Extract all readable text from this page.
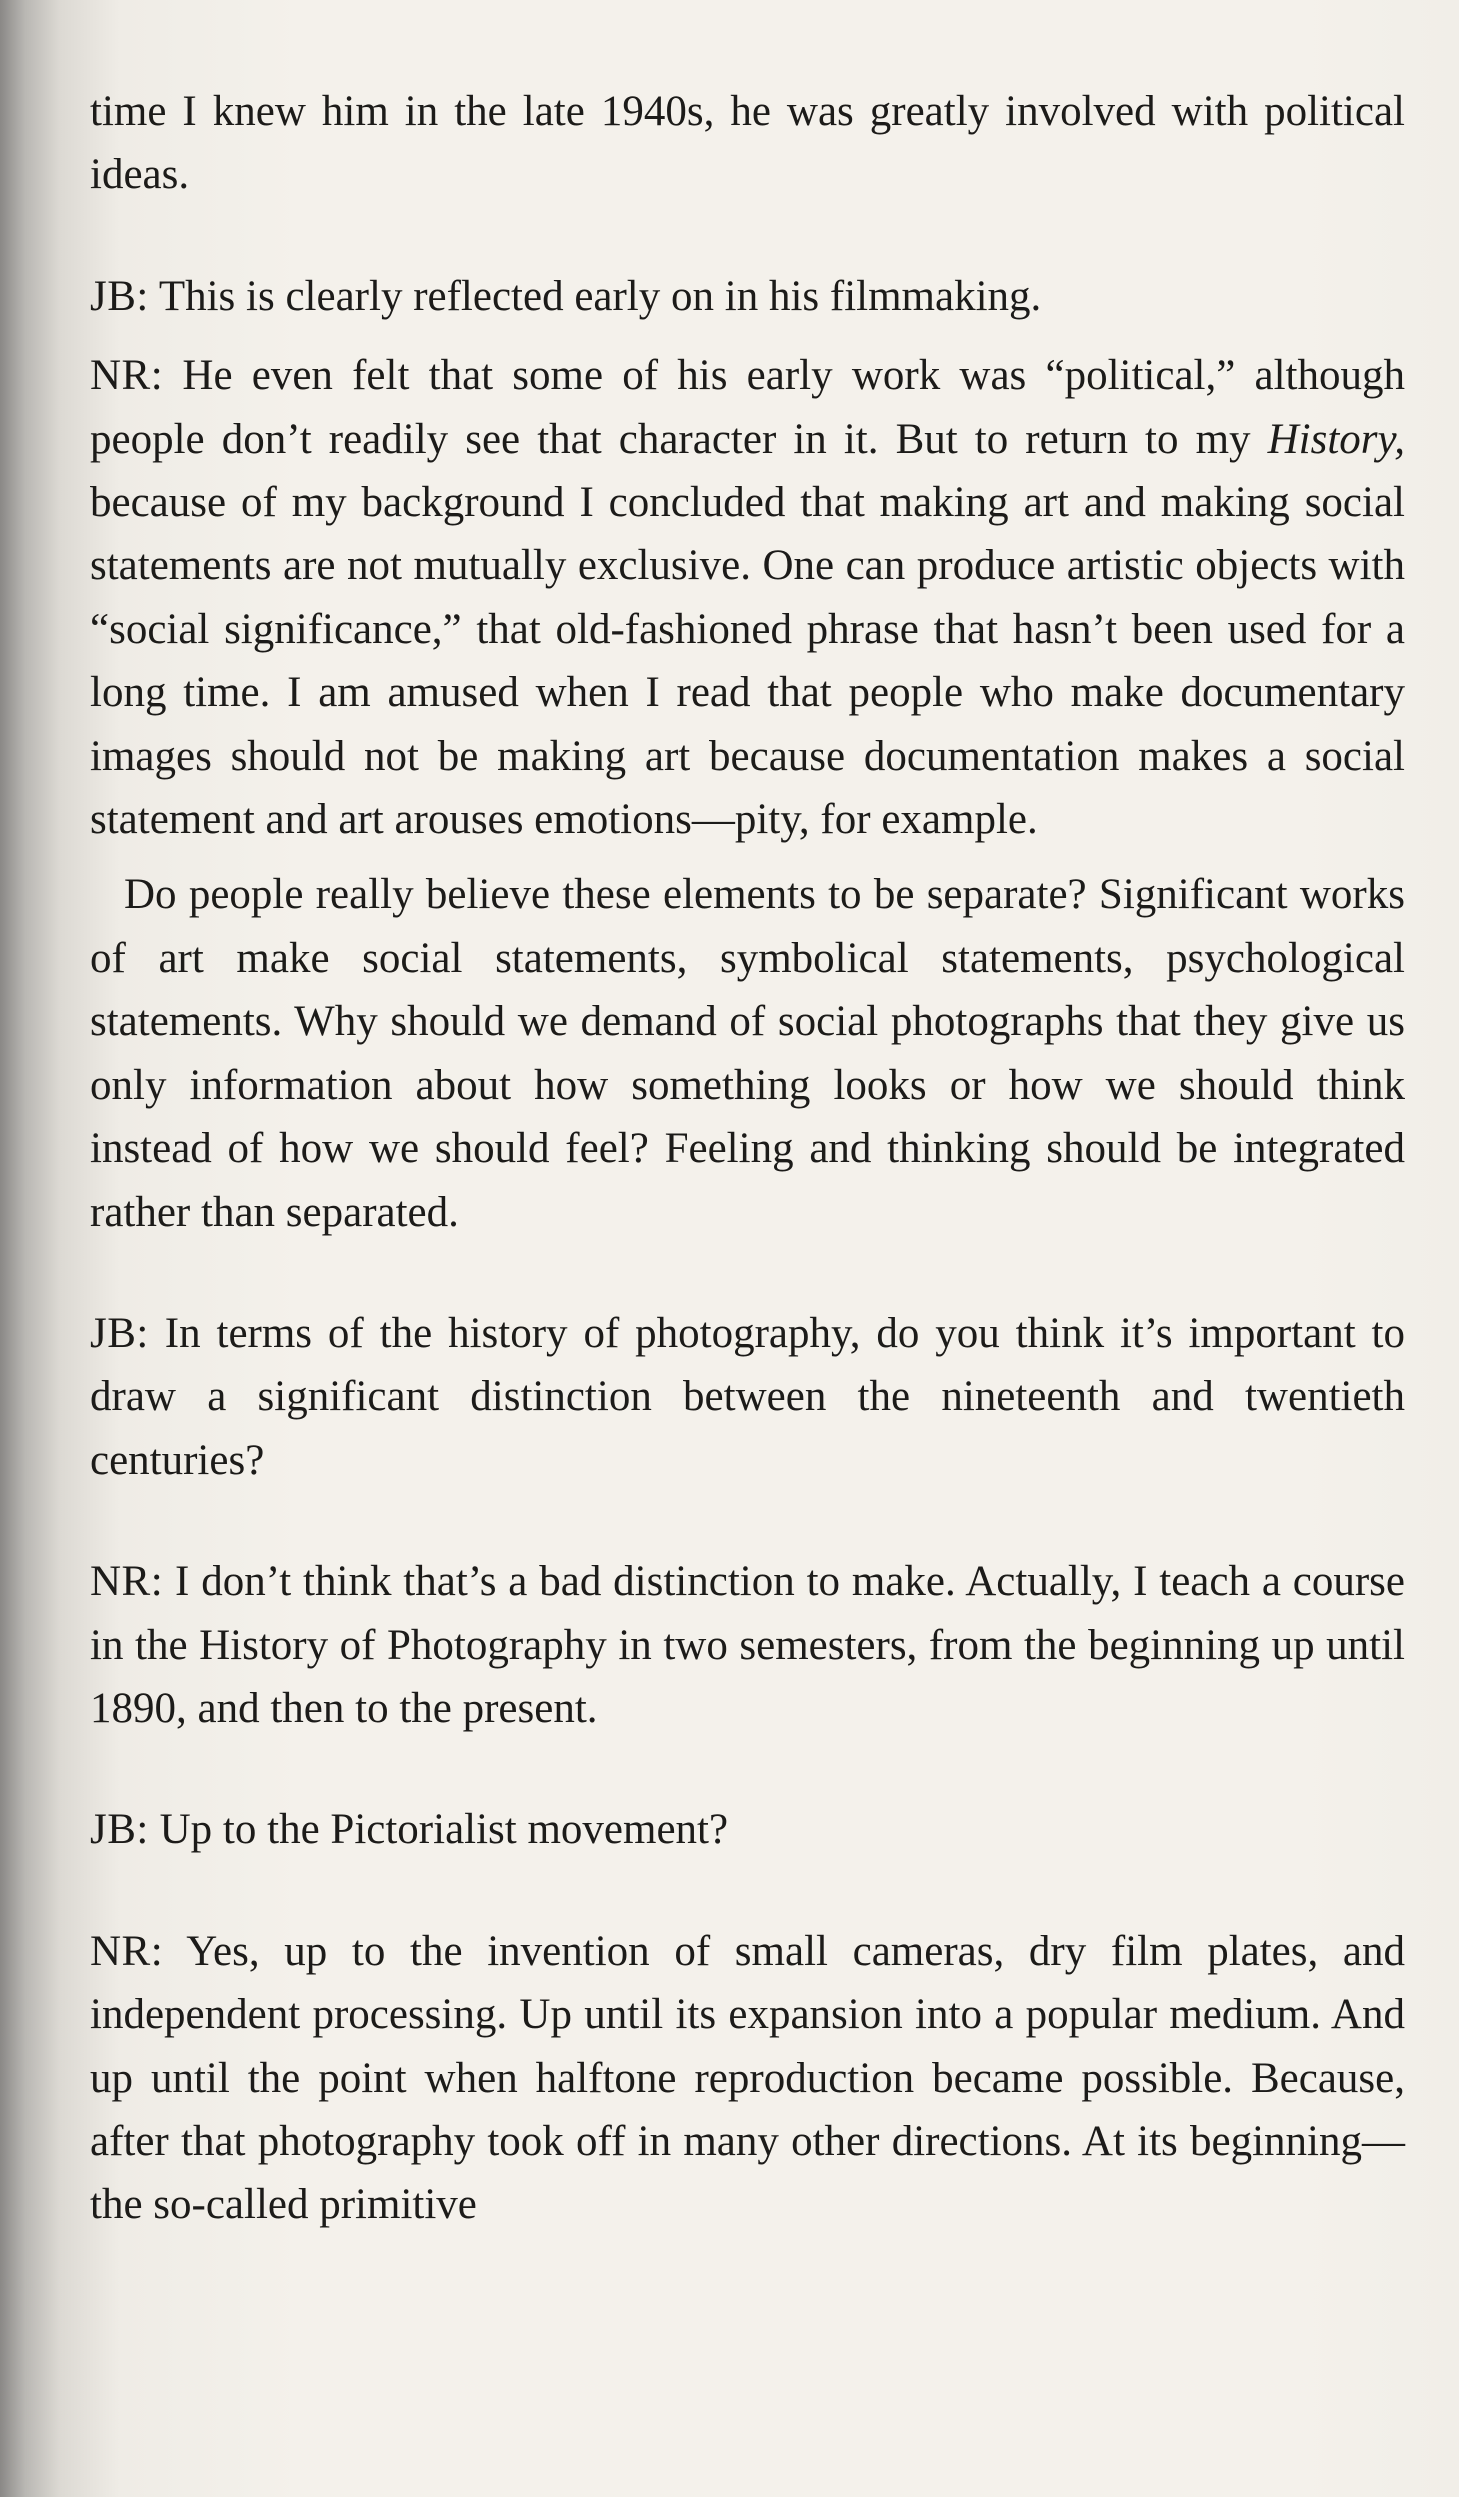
time I knew him in the late 1940s, he was greatly involved with political ideas.

JB: This is clearly reflected early on in his filmmaking.

NR: He even felt that some of his early work was “political,” although people don’t readily see that character in it. But to return to my History, because of my background I concluded that making art and making social statements are not mutually exclusive. One can produce artistic objects with “social significance,” that old-fashioned phrase that hasn’t been used for a long time. I am amused when I read that people who make documentary images should not be making art because documentation makes a social statement and art arouses emotions—pity, for example.

Do people really believe these elements to be separate? Significant works of art make social statements, symbolical statements, psychological statements. Why should we demand of social photographs that they give us only information about how something looks or how we should think instead of how we should feel? Feeling and thinking should be integrated rather than separated.

JB: In terms of the history of photography, do you think it’s important to draw a significant distinction between the nineteenth and twentieth centuries?

NR: I don’t think that’s a bad distinction to make. Actually, I teach a course in the History of Photography in two semesters, from the beginning up until 1890, and then to the present.

JB: Up to the Pictorialist movement?

NR: Yes, up to the invention of small cameras, dry film plates, and independent processing. Up until its expansion into a popular medium. And up until the point when halftone reproduction became possible. Because, after that photography took off in many other directions. At its beginning—the so-called primitive
